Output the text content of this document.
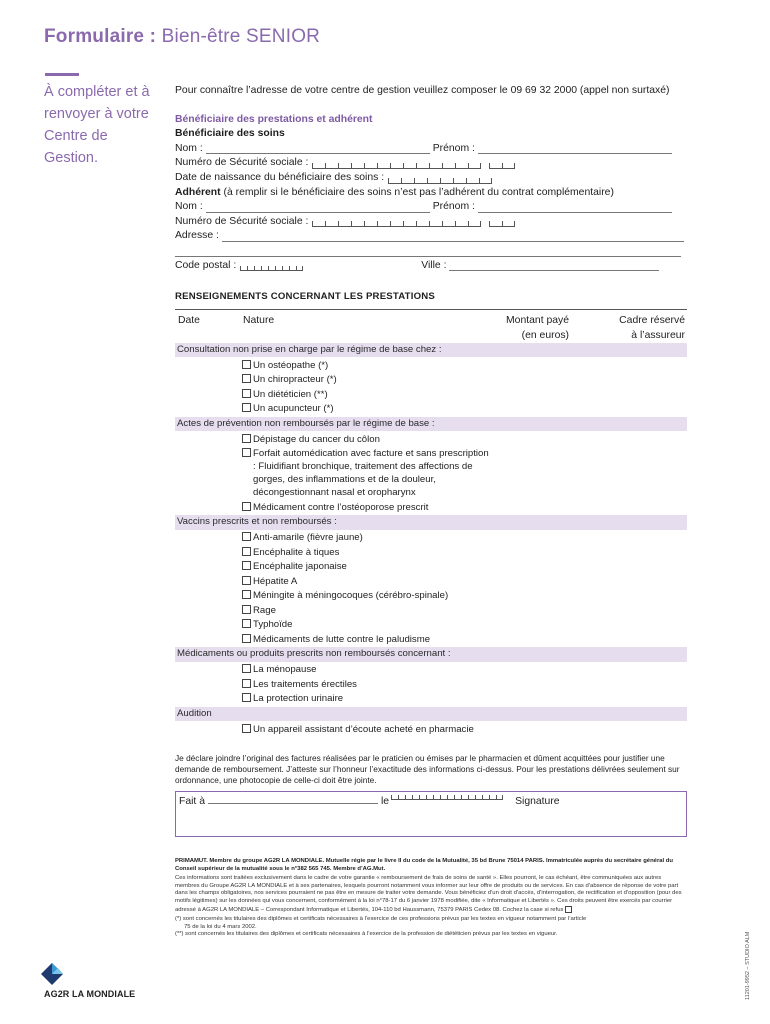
Formulaire : Bien-être SENIOR
À compléter et à renvoyer à votre Centre de Gestion.
Pour connaître l’adresse de votre centre de gestion veuillez composer le 09 69 32 2000 (appel non surtaxé)
Bénéficiaire des prestations et adhérent
Bénéficiaire des soins
Nom :	Prénom :
Numéro de Sécurité sociale :
Date de naissance du bénéficiaire des soins :
Adhérent (à remplir si le bénéficiaire des soins n’est pas l’adhérent du contrat complémentaire)
Nom :	Prénom :
Numéro de Sécurité sociale :
Adresse :
Code postal :	Ville :
RENSEIGNEMENTS CONCERNANT LES PRESTATIONS
Date	Nature	Montant payé
(en euros)
Cadre réservé
à l’assureur
Consultation non prise en charge par le régime de base chez :
Un ostéopathe (*)
Un chiropracteur (*)
Un diététicien (**)
Un acupuncteur (*)
Actes de prévention non remboursés par le régime de base :
Dépistage du cancer du côlon
Forfait automédication avec facture et sans prescription : Fluidifiant bronchique, traitement des affections de gorges, des inflammations et de la douleur, décongestionnant nasal et oropharynx
Médicament contre l’ostéoporose prescrit
Vaccins prescrits et non remboursés :
Anti-amarile (fièvre jaune)
Encéphalite à tiques
Encéphalite japonaise
Hépatite A
Méningite à méningocoques (cérébro-spinale)
Rage
Typhoïde
Médicaments de lutte contre le paludisme
Médicaments ou produits prescrits non remboursés concernant :
La ménopause
Les traitements érectiles
La protection urinaire
Audition
Un appareil assistant d’écoute acheté en pharmacie
Je déclare joindre l’original des factures réalisées par le praticien ou émises par le pharmacien et dûment acquittées pour justifier une demande de remboursement. J’atteste sur l’honneur l’exactitude des informations ci-dessus. Pour les prestations délivrées seulement sur ordonnance, une photocopie de celle-ci doit être jointe.
Fait à	le	Signature

PRIMAMUT. Membre du groupe AG2R LA MONDIALE. Mutuelle régie par le livre II du code de la Mutualité, 35 bd Brune 75014 PARIS. Immatriculée auprès du secrétaire général du Conseil supérieur de la mutualité sous le n°382 565 745. Membre d’AG.Mut.

Ces informations sont traitées exclusivement dans le cadre de votre garantie « remboursement de frais de soins de santé ». Elles pourront, le cas échéant, être communiquées aux autres membres du Groupe AG2R LA MONDIALE et à ses partenaires, lesquels pourront notamment vous informer sur leur offre de produits ou de services. En cas d’absence de réponse de votre part dans les champs obligatoires, nos services pourraient ne pas être en mesure de traiter votre demande. Vous bénéficiez d’un droit d’accès, d’interrogation, de rectification et d’opposition (pour des motifs légitimes) sur les données qui vous concernent, conformément à la loi n°78-17 du 6 janvier 1978 modifiée, dite « Informatique et Libertés ». Ces droits peuvent être exercés par courrier adressé à AG2R LA MONDIALE – Correspondant Informatique et Libertés, 104-110 bd Haussmann, 75379 PARIS Cedex 08. Cochez la case si refus

(*) sont concernés les titulaires des diplômes et certificats nécessaires à l’exercice de ces professions prévus par les textes en vigueur notamment par l’article
75 de la loi du 4 mars 2002.
(**) sont concernés les titulaires des diplômes et certificats nécessaires à l’exercice de la profession de diététicien prévus par les textes en vigueur.
AG2R LA MONDIALE	11201-9952 – STUDIO ALM
